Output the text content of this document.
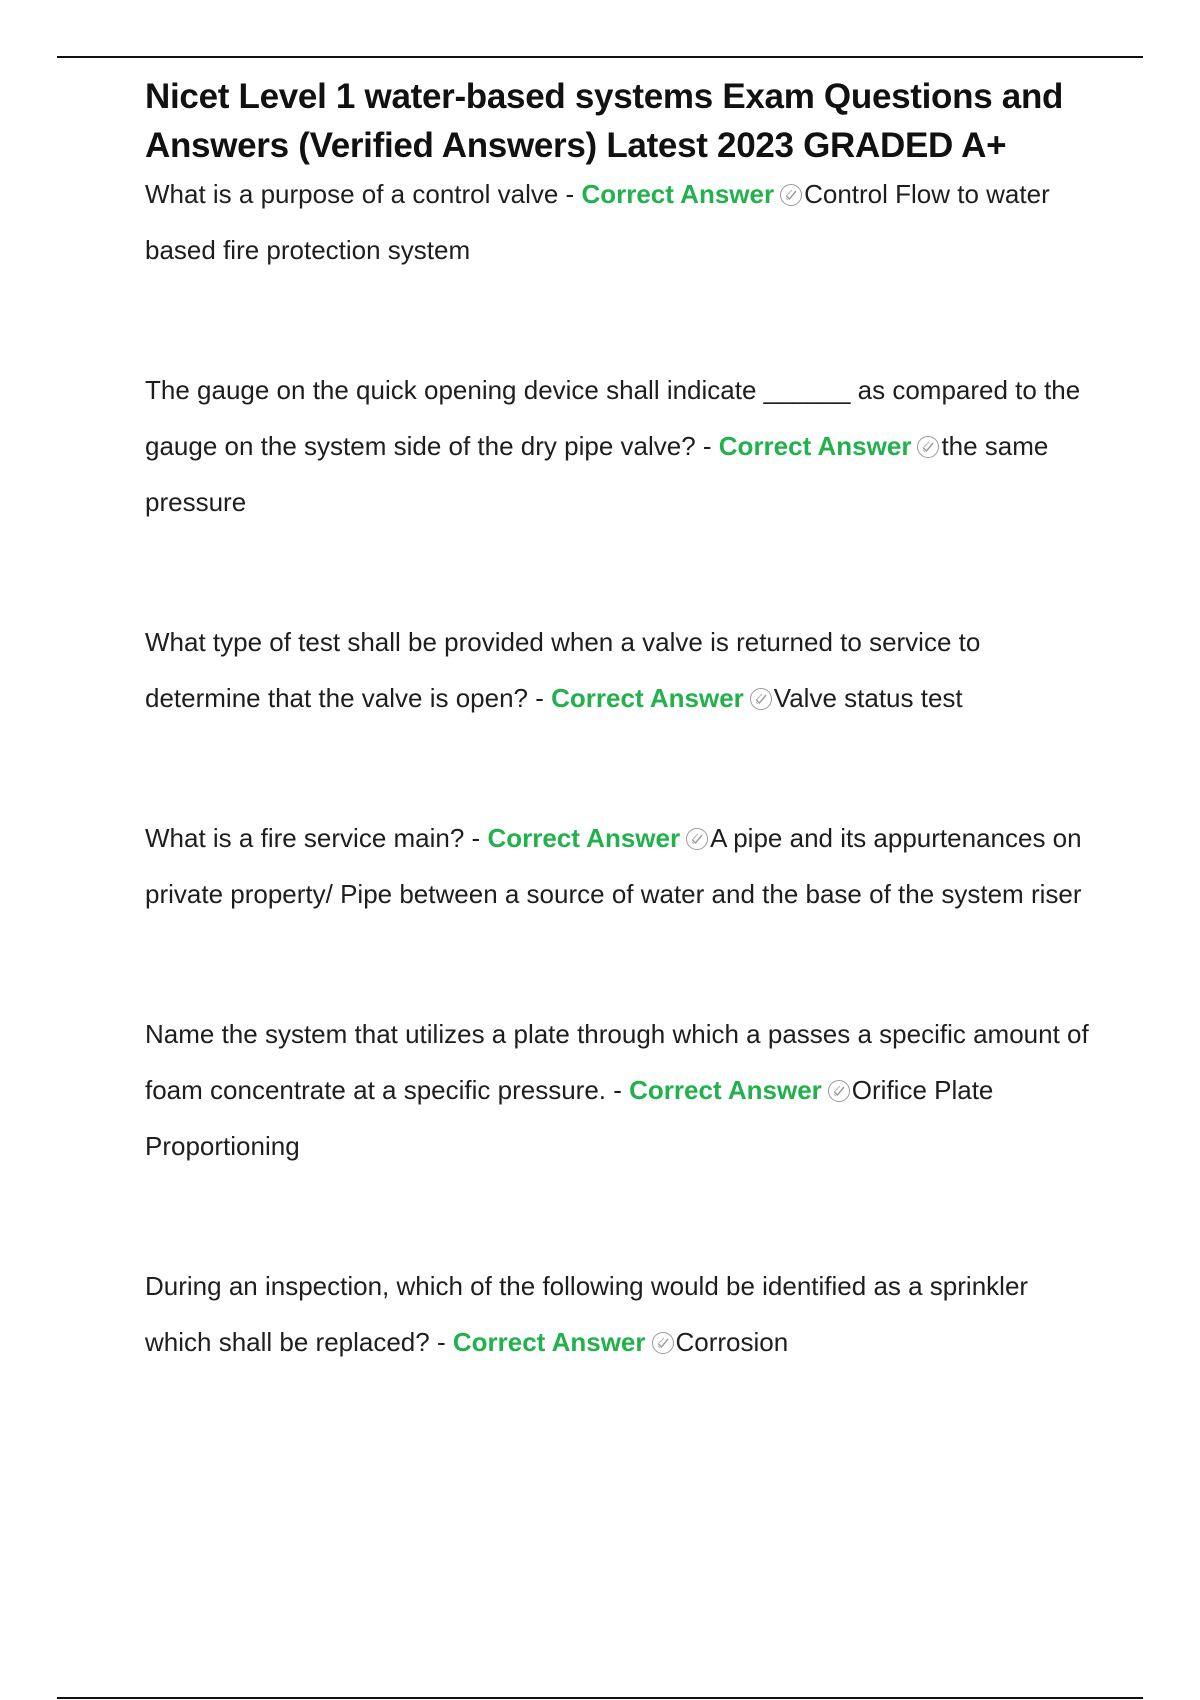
Nicet Level 1 water-based systems Exam Questions and Answers (Verified Answers) Latest 2023 GRADED A+

What is a purpose of a control valve - Correct Answer Control Flow to water based fire protection system

The gauge on the quick opening device shall indicate ______ as compared to the gauge on the system side of the dry pipe valve? - Correct Answer the same pressure

What type of test shall be provided when a valve is returned to service to determine that the valve is open? - Correct Answer Valve status test

What is a fire service main? - Correct Answer A pipe and its appurtenances on private property/ Pipe between a source of water and the base of the system riser

Name the system that utilizes a plate through which a passes a specific amount of foam concentrate at a specific pressure. - Correct Answer Orifice Plate Proportioning

During an inspection, which of the following would be identified as a sprinkler which shall be replaced? - Correct Answer Corrosion
